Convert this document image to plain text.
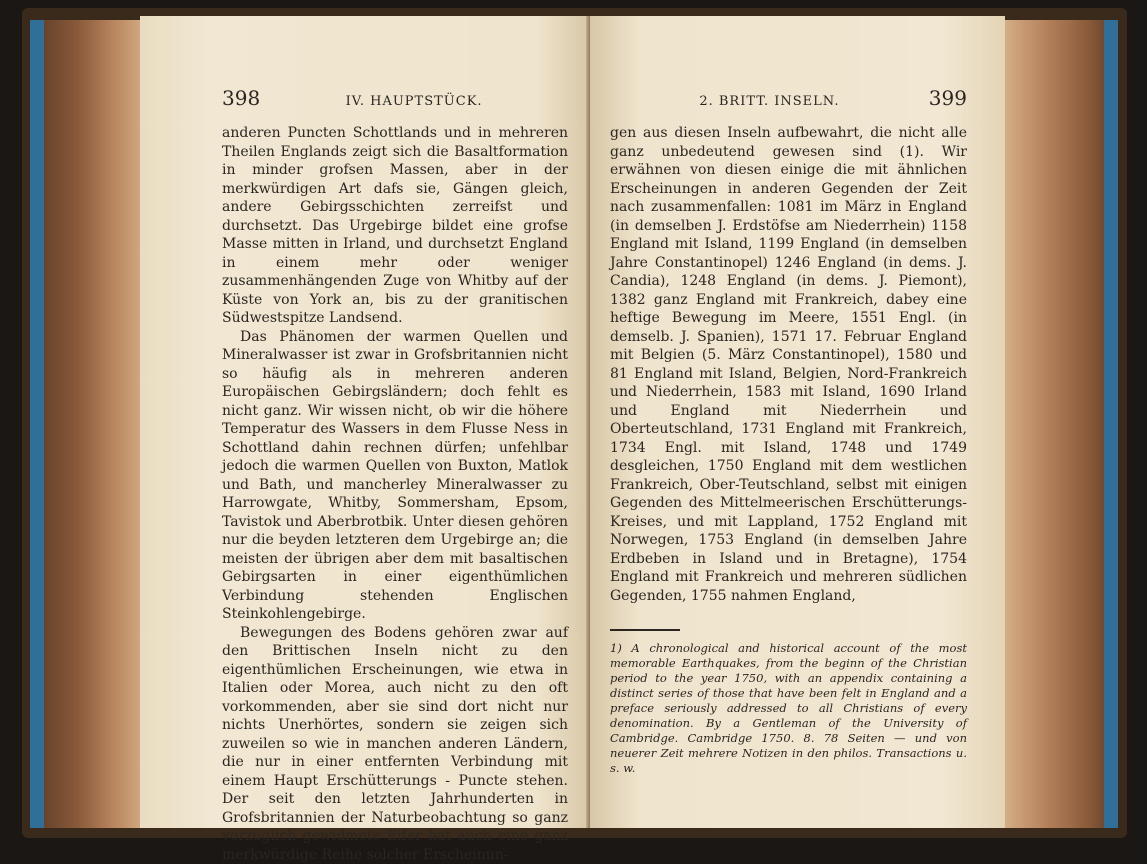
398	IV. HAUPTSTÜCK.

anderen Puncten Schottlands und in mehreren Theilen Englands zeigt sich die Basaltformation in minder grofsen Massen, aber in der merkwürdigen Art dafs sie, Gängen gleich, andere Gebirgsschichten zerreifst und durchsetzt. Das Urgebirge bildet eine grofse Masse mitten in Irland, und durchsetzt England in einem mehr oder weniger zusammenhängenden Zuge von Whitby auf der Küste von York an, bis zu der granitischen Südwestspitze Landsend.

Das Phänomen der warmen Quellen und Mineralwasser ist zwar in Grofsbritannien nicht so häufig als in mehreren anderen Europäischen Gebirgsländern; doch fehlt es nicht ganz. Wir wissen nicht, ob wir die höhere Temperatur des Wassers in dem Flusse Ness in Schottland dahin rechnen dürfen; unfehlbar jedoch die warmen Quellen von Buxton, Matlok und Bath, und mancherley Mineralwasser zu Harrowgate, Whitby, Sommersham, Epsom, Tavistok und Aberbrotbik. Unter diesen gehören nur die beyden letzteren dem Urgebirge an; die meisten der übrigen aber dem mit basaltischen Gebirgsarten in einer eigenthümlichen Verbindung stehenden Englischen Steinkohlengebirge.

Bewegungen des Bodens gehören zwar auf den Brittischen Inseln nicht zu den eigenthümlichen Erscheinungen, wie etwa in Italien oder Morea, auch nicht zu den oft vorkommenden, aber sie sind dort nicht nur nichts Unerhörtes, sondern sie zeigen sich zuweilen so wie in manchen anderen Ländern, die nur in einer entfernten Verbindung mit einem Haupt Erschütterungs - Puncte stehen. Der seit den letzten Jahrhunderten in Grofsbritannien der Naturbeobachtung so ganz vorzüglich gewidmete Eifer hat auch eine ganz merkwürdige Reihe solcher Erscheinun-

2. BRITT. INSELN.	399

gen aus diesen Inseln aufbewahrt, die nicht alle ganz unbedeutend gewesen sind (1). Wir erwähnen von diesen einige die mit ähnlichen Erscheinungen in anderen Gegenden der Zeit nach zusammenfallen: 1081 im März in England (in demselben J. Erdstöfse am Niederrhein) 1158 England mit Island, 1199 England (in demselben Jahre Constantinopel) 1246 England (in dems. J. Candia), 1248 England (in dems. J. Piemont), 1382 ganz England mit Frankreich, dabey eine heftige Bewegung im Meere, 1551 Engl. (in demselb. J. Spanien), 1571 17. Februar England mit Belgien (5. März Constantinopel), 1580 und 81 England mit Island, Belgien, Nord-Frankreich und Niederrhein, 1583 mit Island, 1690 Irland und England mit Niederrhein und Oberteutschland, 1731 England mit Frankreich, 1734 Engl. mit Island, 1748 und 1749 desgleichen, 1750 England mit dem westlichen Frankreich, Ober-Teutschland, selbst mit einigen Gegenden des Mittelmeerischen Erschütterungs-Kreises, und mit Lappland, 1752 England mit Norwegen, 1753 England (in demselben Jahre Erdbeben in Island und in Bretagne), 1754 England mit Frankreich und mehreren südlichen Gegenden, 1755 nahmen England,

1) A chronological and historical account of the most memorable Earthquakes, from the beginn of the Christian period to the year 1750, with an appendix containing a distinct series of those that have been felt in England and a preface seriously addressed to all Christians of every denomination. By a Gentleman of the University of Cambridge. Cambridge 1750. 8. 78 Seiten — und von neuerer Zeit mehrere Notizen in den philos. Transactions u. s. w.
